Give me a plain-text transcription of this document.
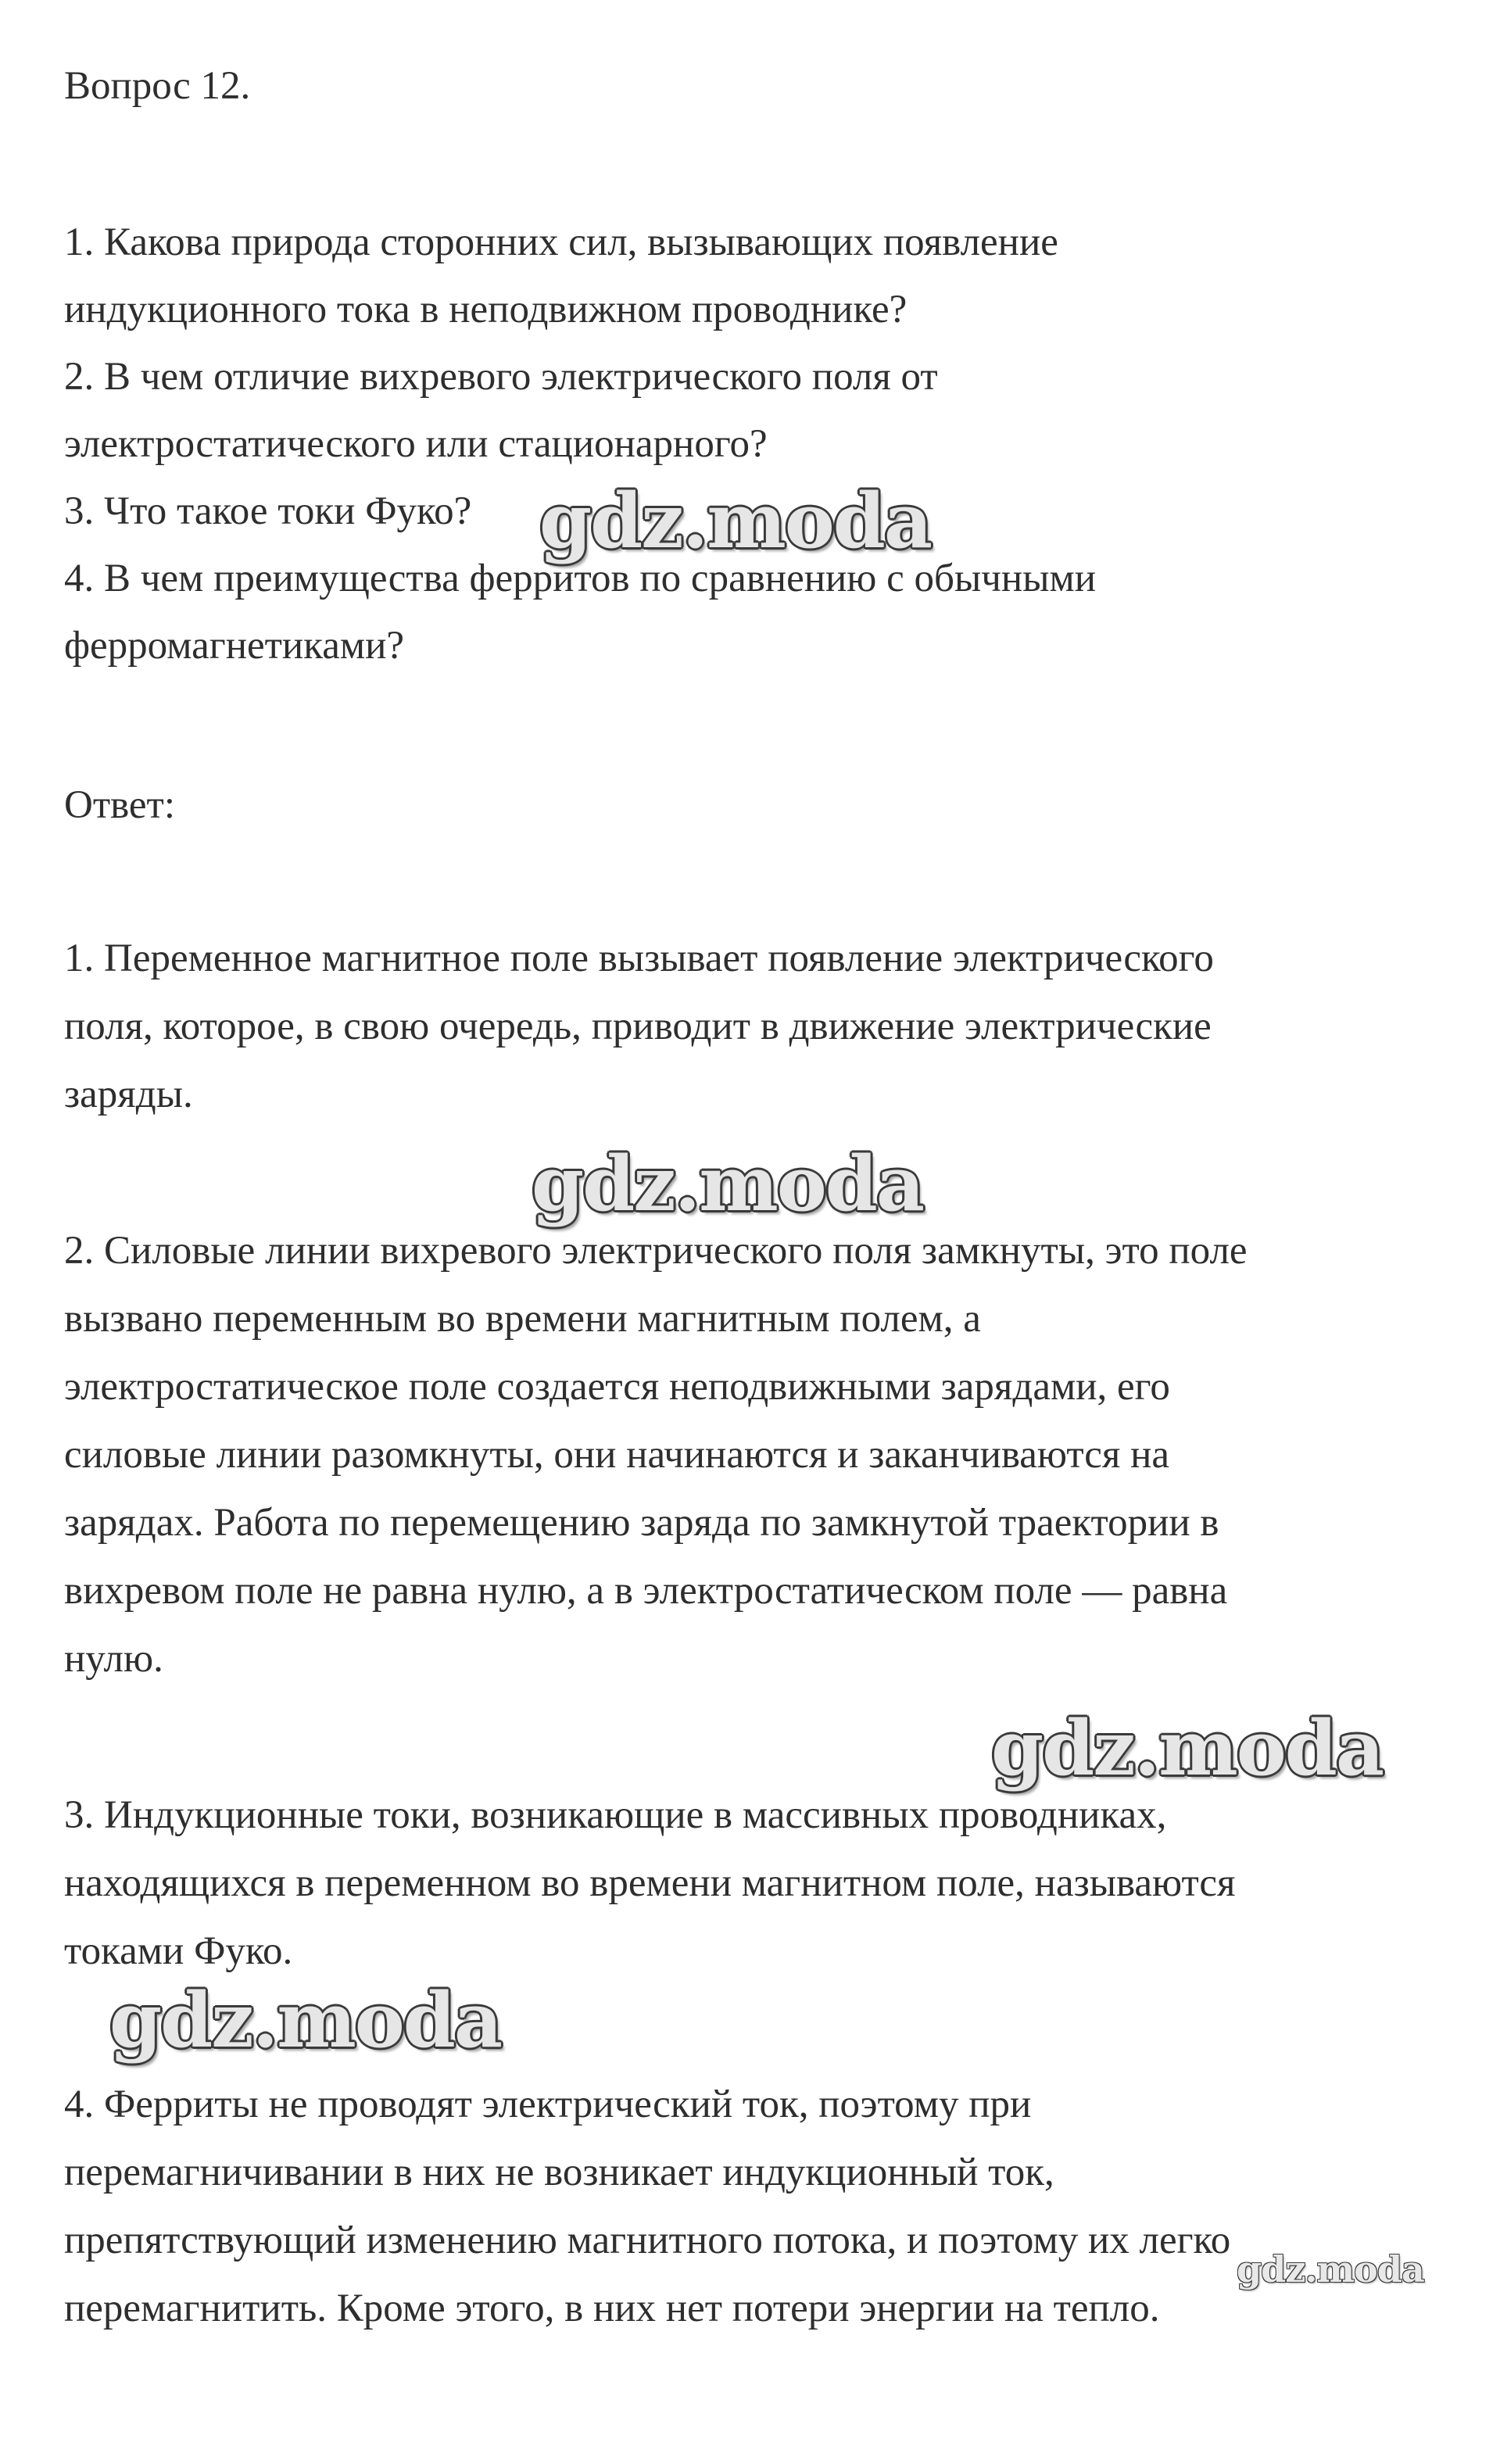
Вопрос 12.
1. Какова природа сторонних сил, вызывающих появление
индукционного тока в неподвижном проводнике?
2. В чем отличие вихревого электрического поля от
электростатического или стационарного?
3. Что такое токи Фуко?
4. В чем преимущества ферритов по сравнению с обычными
ферромагнетиками?
Ответ:
1. Переменное магнитное поле вызывает появление электрического
поля, которое, в свою очередь, приводит в движение электрические
заряды.
2. Силовые линии вихревого электрического поля замкнуты, это поле
вызвано переменным во времени магнитным полем, а
электростатическое поле создается неподвижными зарядами, его
силовые линии разомкнуты, они начинаются и заканчиваются на
зарядах. Работа по перемещению заряда по замкнутой траектории в
вихревом поле не равна нулю, а в электростатическом поле — равна
нулю.
3. Индукционные токи, возникающие в массивных проводниках,
находящихся в переменном во времени магнитном поле, называются
токами Фуко.
4. Ферриты не проводят электрический ток, поэтому при
перемагничивании в них не возникает индукционный ток,
препятствующий изменению магнитного потока, и поэтому их легко
перемагнитить. Кроме этого, в них нет потери энергии на тепло.
gdz.moda
gdz.moda
gdz.moda
gdz.moda
gdz.moda
